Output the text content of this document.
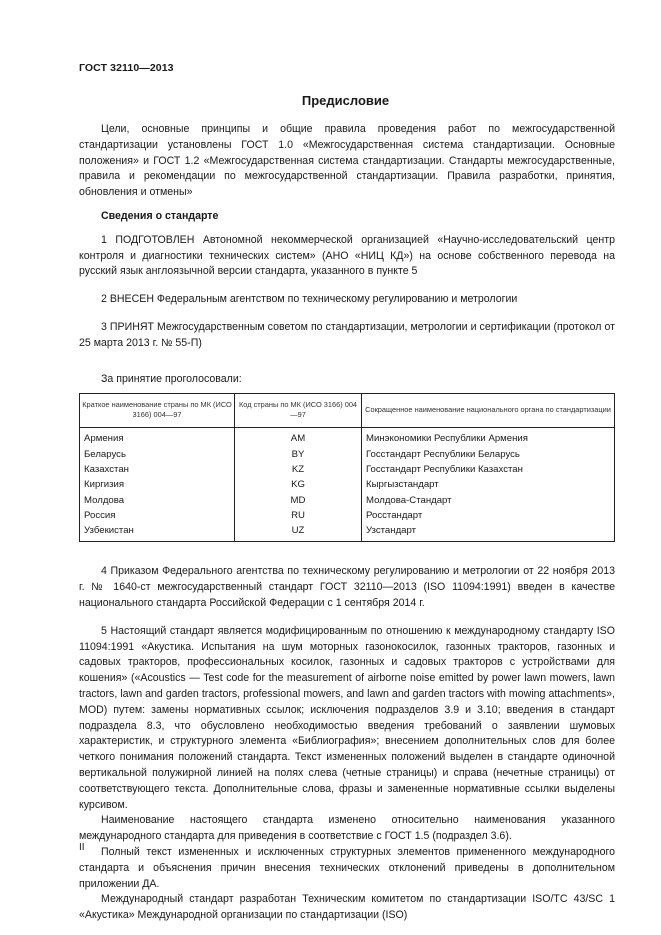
ГОСТ 32110—2013
Предисловие

Цели, основные принципы и общие правила проведения работ по межгосударственной стандартизации установлены ГОСТ 1.0 «Межгосударственная система стандартизации. Основные положения» и ГОСТ 1.2 «Межгосударственная система стандартизации. Стандарты межгосударственные, правила и рекомендации по межгосударственной стандартизации. Правила разработки, принятия, обновления и отмены»

Сведения о стандарте

1 ПОДГОТОВЛЕН Автономной некоммерческой организацией «Научно-исследовательский центр контроля и диагностики технических систем» (АНО «НИЦ КД») на основе собственного перевода на русский язык англоязычной версии стандарта, указанного в пункте 5

2 ВНЕСЕН Федеральным агентством по техническому регулированию и метрологии

3 ПРИНЯТ Межгосударственным советом по стандартизации, метрологии и сертификации (протокол от 25 марта 2013 г. № 55-П)

За принятие проголосовали:

Краткое наименование страны по МК (ИСО 3166) 004—97	Код страны по МК (ИСО 3166) 004—97	Сокращенное наименование национального органа по стандартизации
Армения	AM	Минэкономики Республики Армения
Беларусь	BY	Госстандарт Республики Беларусь
Казахстан	KZ	Госстандарт Республики Казахстан
Киргизия	KG	Кыргызстандарт
Молдова	MD	Молдова-Стандарт
Россия	RU	Росстандарт
Узбекистан	UZ	Узстандарт

4 Приказом Федерального агентства по техническому регулированию и метрологии от 22 ноября 2013 г. № 1640-ст межгосударственный стандарт ГОСТ 32110—2013 (ISO 11094:1991) введен в качестве национального стандарта Российской Федерации с 1 сентября 2014 г.

5 Настоящий стандарт является модифицированным по отношению к международному стандарту ISO 11094:1991 «Акустика. Испытания на шум моторных газонокосилок, газонных тракторов, газонных и садовых тракторов, профессиональных косилок, газонных и садовых тракторов с устройствами для кошения» («Acoustics — Test code for the measurement of airborne noise emitted by power lawn mowers, lawn tractors, lawn and garden tractors, professional mowers, and lawn and garden tractors with mowing attachments», MOD) путем: замены нормативных ссылок; исключения подразделов 3.9 и 3.10; введения в стандарт подраздела 8.3, что обусловлено необходимостью введения требований о заявлении шумовых характеристик, и структурного элемента «Библиография»; внесением дополнительных слов для более четкого понимания положений стандарта. Текст измененных положений выделен в стандарте одиночной вертикальной полужирной линией на полях слева (четные страницы) и справа (нечетные страницы) от соответствующего текста. Дополнительные слова, фразы и замененные нормативные ссылки выделены курсивом.

Наименование настоящего стандарта изменено относительно наименования указанного международного стандарта для приведения в соответствие с ГОСТ 1.5 (подраздел 3.6).

Полный текст измененных и исключенных структурных элементов примененного международного стандарта и объяснения причин внесения технических отклонений приведены в дополнительном приложении ДА.

Международный стандарт разработан Техническим комитетом по стандартизации ISO/TC 43/SC 1 «Акустика» Международной организации по стандартизации (ISO)

II
